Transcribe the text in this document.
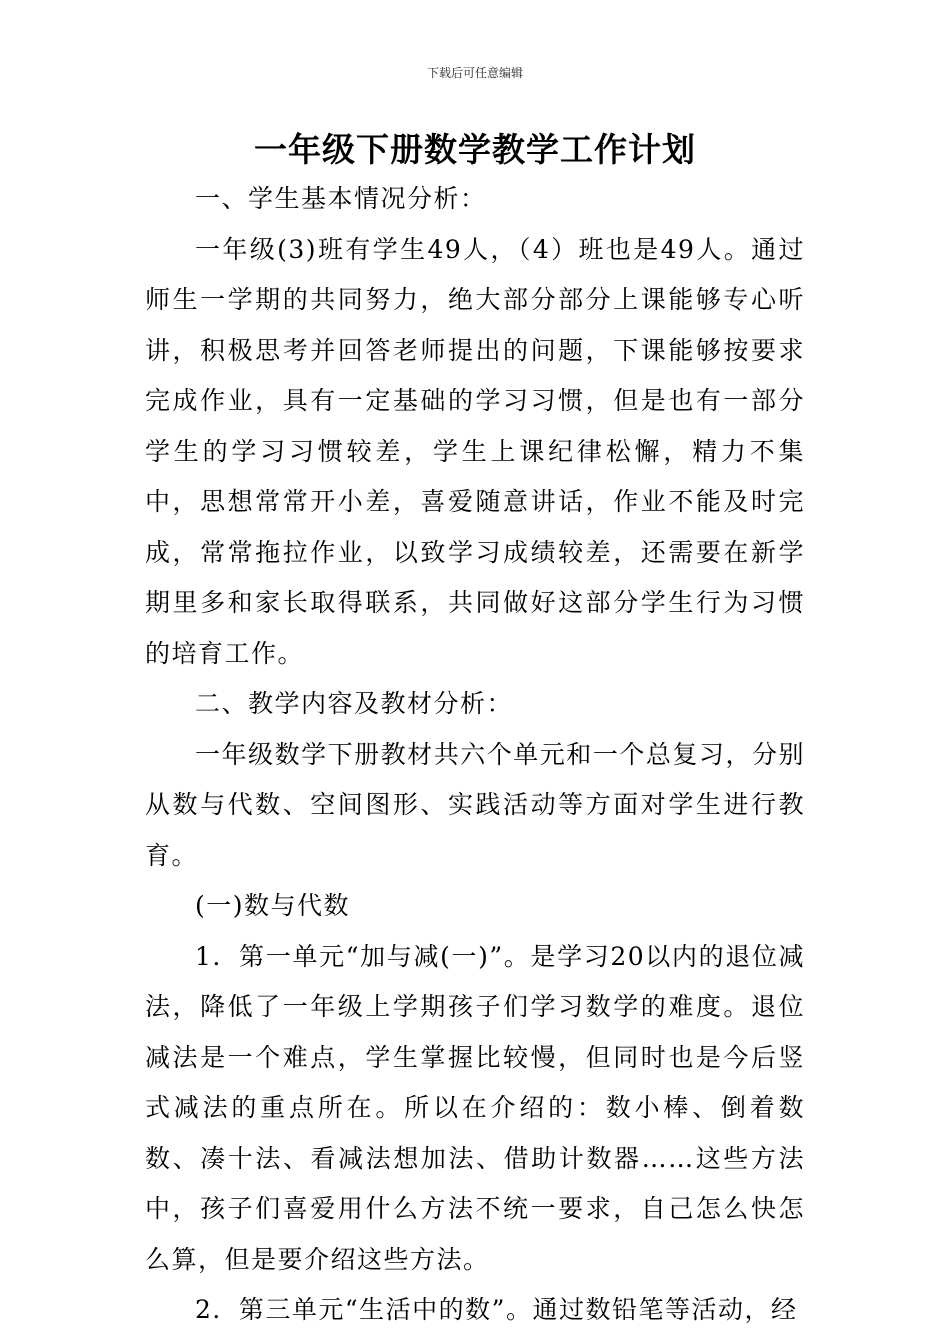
下载后可任意编辑
一年级下册数学教学工作计划

一、学生基本情况分析：

一年级(3)班有学生49人，（4）班也是49人。通过师生一学期的共同努力，绝大部分部分上课能够专心听讲，积极思考并回答老师提出的问题，下课能够按要求完成作业，具有一定基础的学习习惯，但是也有一部分学生的学习习惯较差，学生上课纪律松懈，精力不集中，思想常常开小差，喜爱随意讲话，作业不能及时完成，常常拖拉作业，以致学习成绩较差，还需要在新学期里多和家长取得联系，共同做好这部分学生行为习惯的培育工作。

二、教学内容及教材分析：

一年级数学下册教材共六个单元和一个总复习，分别从数与代数、空间图形、实践活动等方面对学生进行教育。

(一)数与代数

1．第一单元“加与减(一)”。是学习20以内的退位减法，降低了一年级上学期孩子们学习数学的难度。退位减法是一个难点，学生掌握比较慢，但同时也是今后竖式减法的重点所在。所以在介绍的：数小棒、倒着数数、凑十法、看减法想加法、借助计数器……这些方法中，孩子们喜爱用什么方法不统一要求，自己怎么快怎么算，但是要介绍这些方法。

2．第三单元“生活中的数”。通过数铅笔等活动，经
